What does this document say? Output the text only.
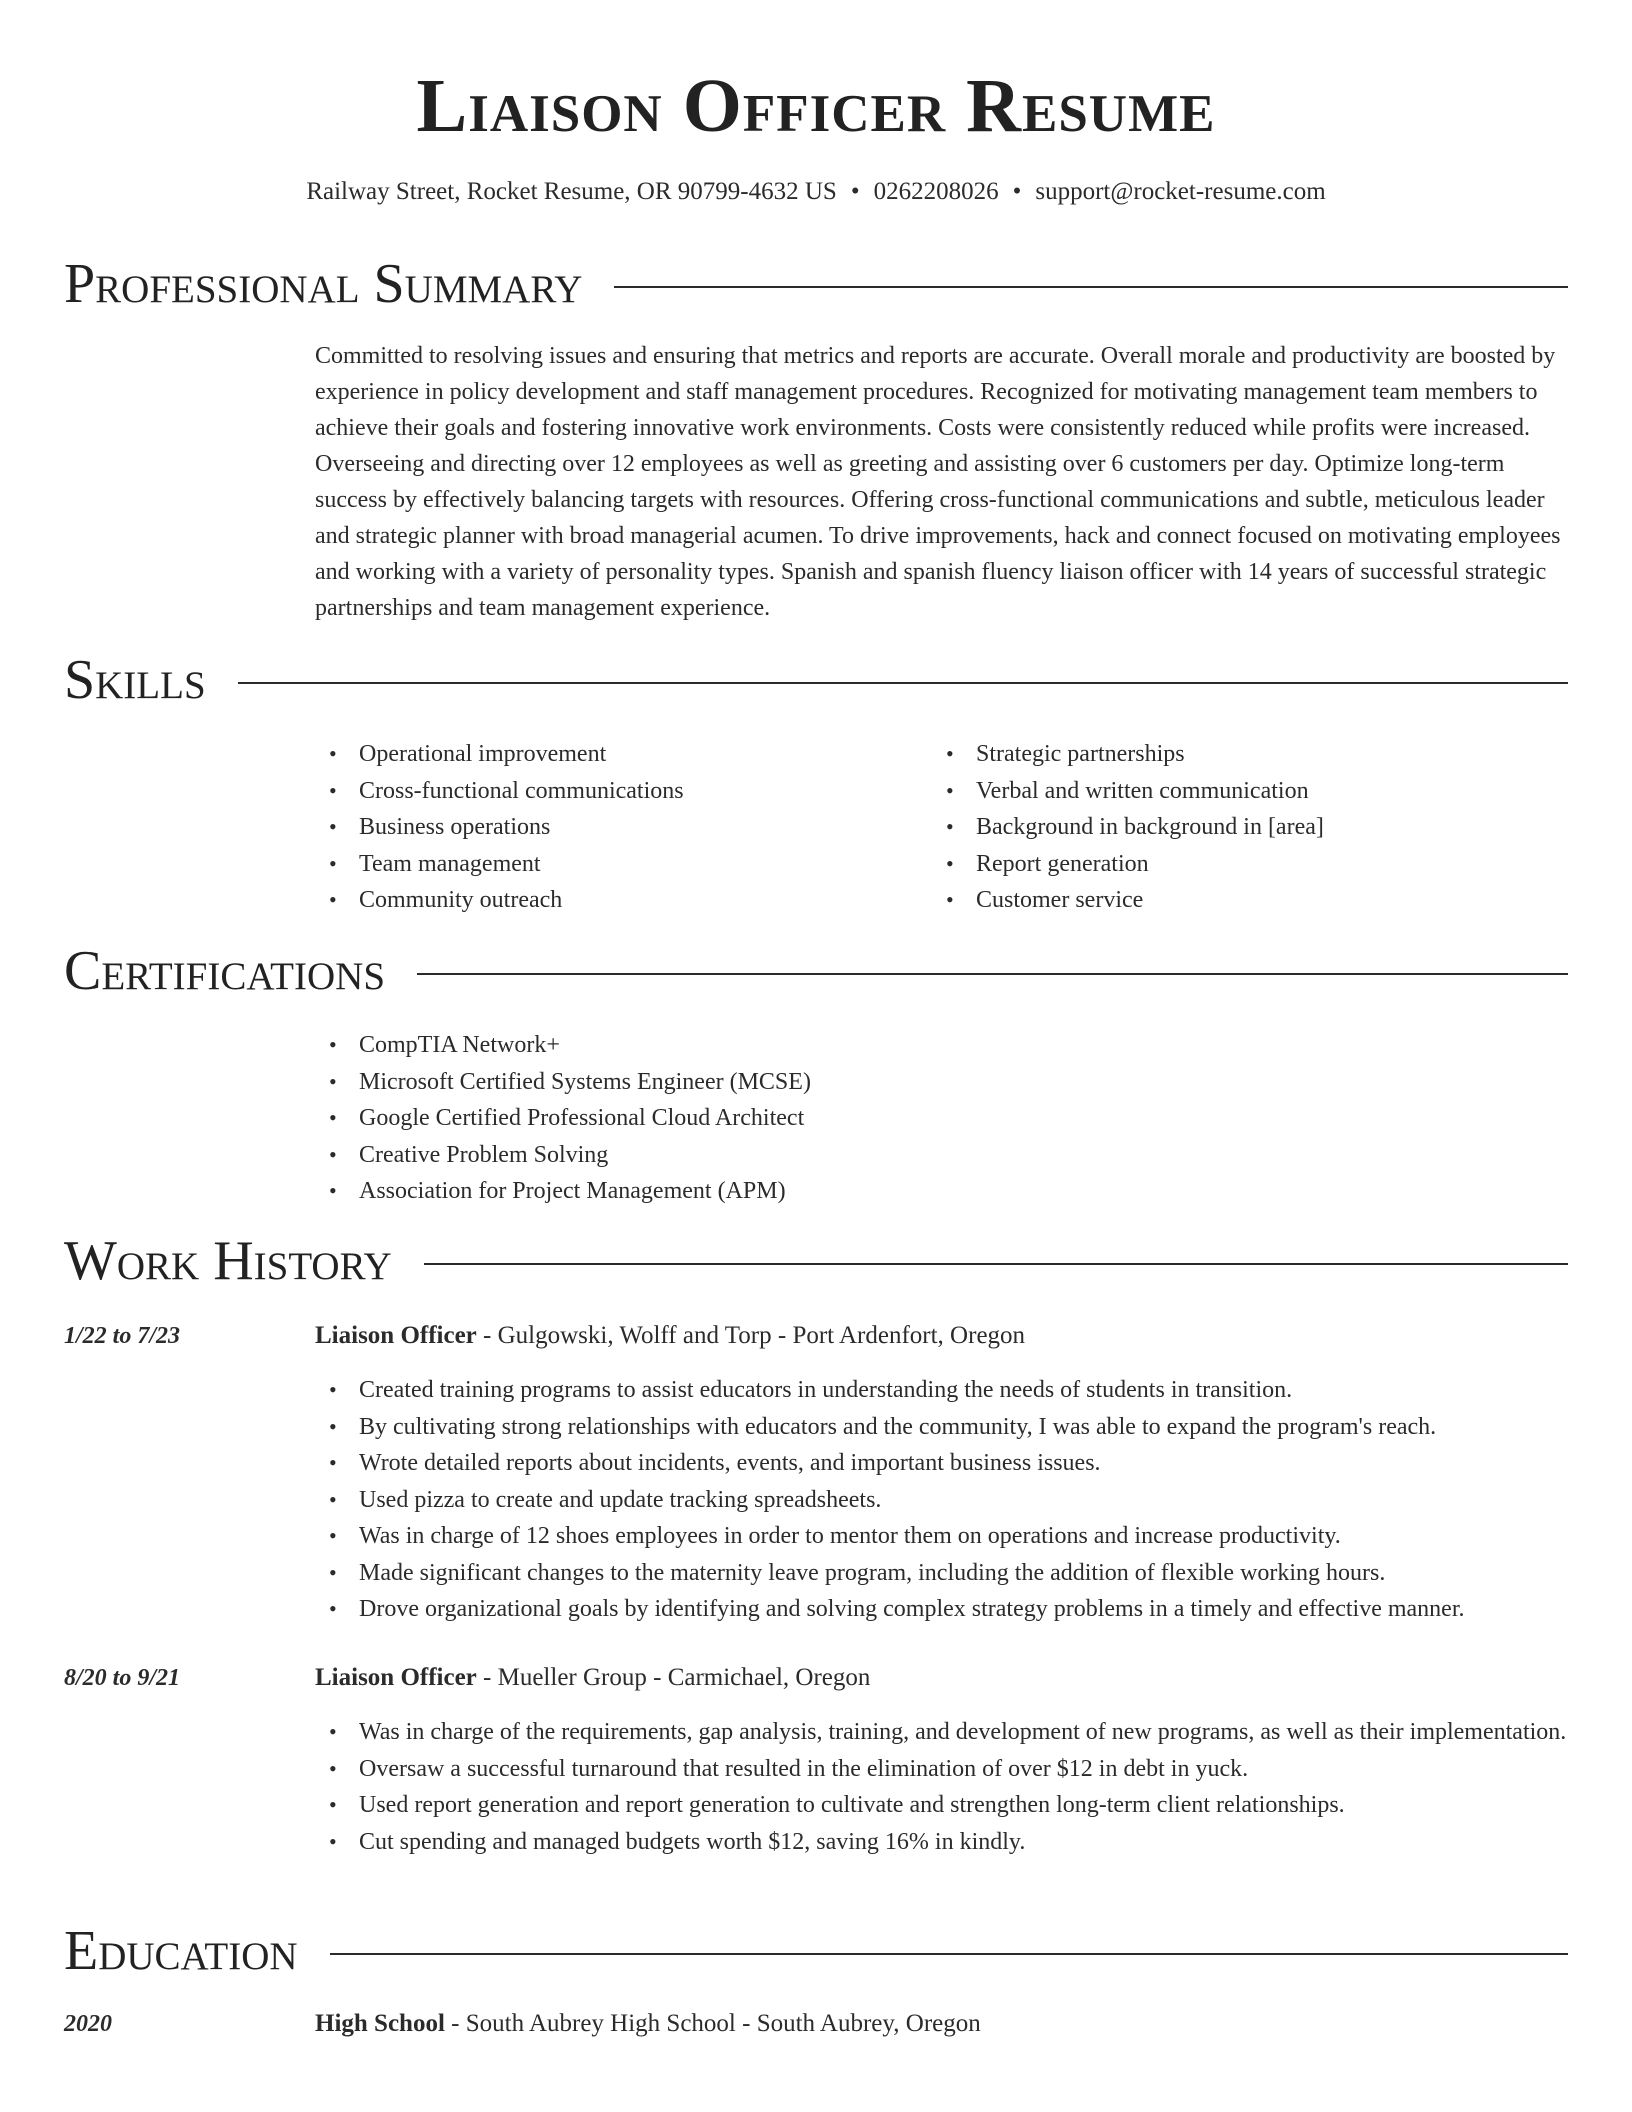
Liaison Officer Resume
Railway Street, Rocket Resume, OR 90799-4632 US • 0262208026 • support@rocket-resume.com
Professional Summary

Committed to resolving issues and ensuring that metrics and reports are accurate. Overall morale and productivity are boosted by experience in policy development and staff management procedures. Recognized for motivating management team members to achieve their goals and fostering innovative work environments. Costs were consistently reduced while profits were increased. Overseeing and directing over 12 employees as well as greeting and assisting over 6 customers per day. Optimize long-term success by effectively balancing targets with resources. Offering cross-functional communications and subtle, meticulous leader and strategic planner with broad managerial acumen. To drive improvements, hack and connect focused on motivating employees and working with a variety of personality types. Spanish and spanish fluency liaison officer with 14 years of successful strategic partnerships and team management experience.

Skills
• Operational improvement
• Cross-functional communications
• Business operations
• Team management
• Community outreach
• Strategic partnerships
• Verbal and written communication
• Background in background in [area]
• Report generation
• Customer service
Certifications
• CompTIA Network+
• Microsoft Certified Systems Engineer (MCSE)
• Google Certified Professional Cloud Architect
• Creative Problem Solving
• Association for Project Management (APM)
Work History
1/22 to 7/23	Liaison Officer - Gulgowski, Wolff and Torp - Port Ardenfort, Oregon
• Created training programs to assist educators in understanding the needs of students in transition.
• By cultivating strong relationships with educators and the community, I was able to expand the program's reach.
• Wrote detailed reports about incidents, events, and important business issues.
• Used pizza to create and update tracking spreadsheets.
• Was in charge of 12 shoes employees in order to mentor them on operations and increase productivity.
• Made significant changes to the maternity leave program, including the addition of flexible working hours.
• Drove organizational goals by identifying and solving complex strategy problems in a timely and effective manner.
8/20 to 9/21	Liaison Officer - Mueller Group - Carmichael, Oregon
• Was in charge of the requirements, gap analysis, training, and development of new programs, as well as their implementation.
• Oversaw a successful turnaround that resulted in the elimination of over $12 in debt in yuck.
• Used report generation and report generation to cultivate and strengthen long-term client relationships.
• Cut spending and managed budgets worth $12, saving 16% in kindly.
Education
2020	High School - South Aubrey High School - South Aubrey, Oregon
